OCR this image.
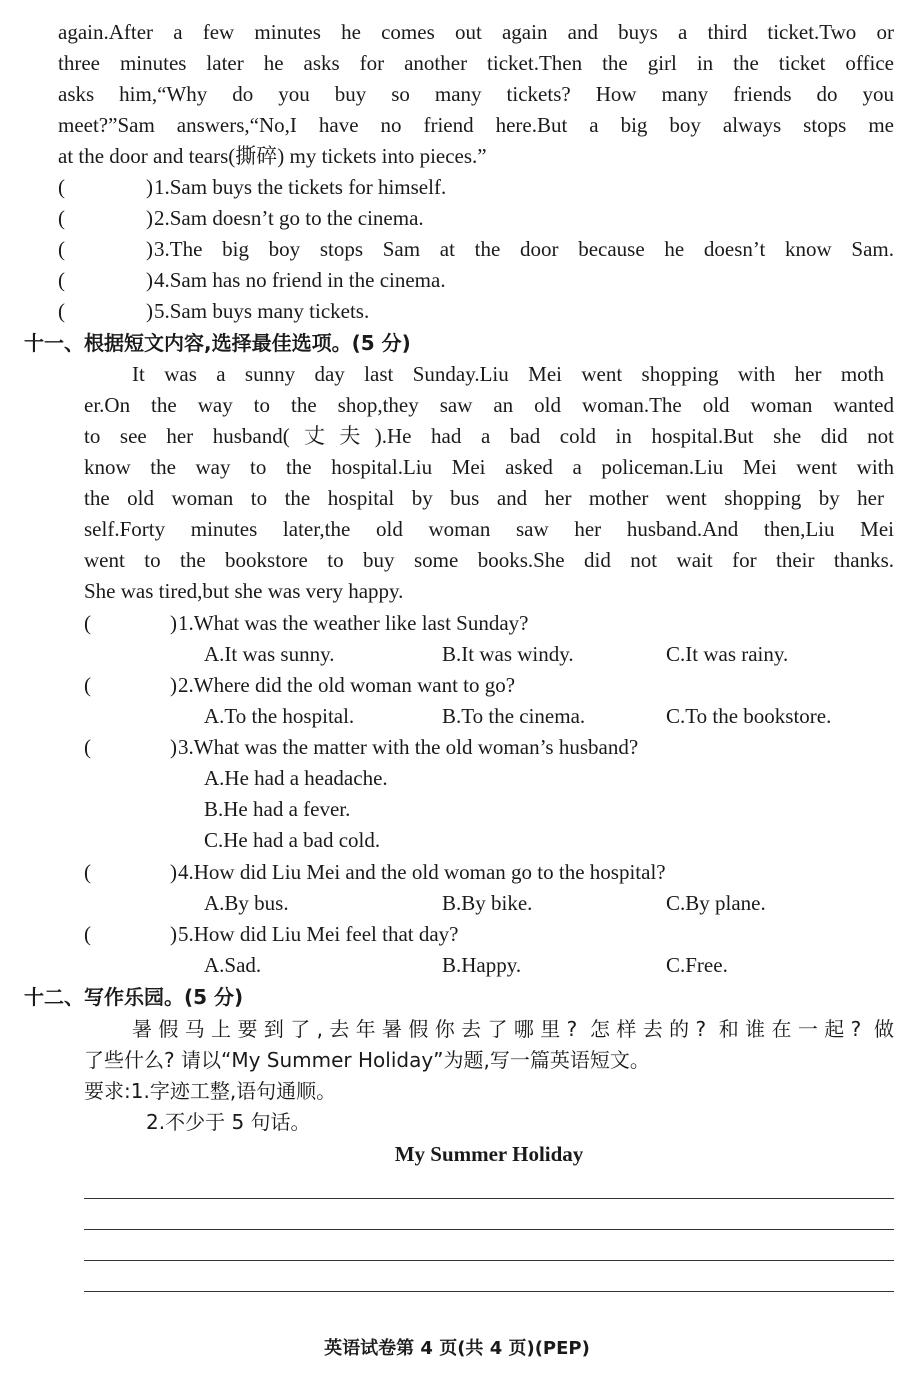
again.After a few minutes he comes out again and buys a third ticket.Two or
three minutes later he asks for another ticket.Then the girl in the ticket office
asks him,“Why do you buy so many tickets? How many friends do you
meet?”Sam answers,“No,I have no friend here.But a big boy always stops me
at the door and tears(撕碎) my tickets into pieces.”
(	) 1.Sam buys the tickets for himself.
(	) 2.Sam doesn’t go to the cinema.
(	) 3.The big boy stops Sam at the door because he doesn’t know Sam.
(	) 4.Sam has no friend in the cinema.
(	) 5.Sam buys many tickets.
十一、根据短文内容,选择最佳选项。(5 分)
It was a sunny day last Sunday.Liu Mei went shopping with her moth
er.On the way to the shop,they saw an old woman.The old woman wanted
to see her husband(丈夫).He had a bad cold in hospital.But she did not
know the way to the hospital.Liu Mei asked a policeman.Liu Mei went with
the old woman to the hospital by bus and her mother went shopping by her
self.Forty minutes later,the old woman saw her husband.And then,Liu Mei
went to the bookstore to buy some books.She did not wait for their thanks.
She was tired,but she was very happy.
(	) 1.What was the weather like last Sunday?
A.It was sunny.	B.It was windy.	C.It was rainy.
(	) 2.Where did the old woman want to go?
A.To the hospital.	B.To the cinema.	C.To the bookstore.
(	) 3.What was the matter with the old woman’s husband?
A.He had a headache.
B.He had a fever.
C.He had a bad cold.
(	) 4.How did Liu Mei and the old woman go to the hospital?
A.By bus.	B.By bike.	C.By plane.
(	) 5.How did Liu Mei feel that day?
A.Sad.	B.Happy.	C.Free.
十二、写作乐园。(5 分)
暑假马上要到了,去年暑假你去了哪里? 怎样去的? 和谁在一起? 做
了些什么? 请以“My Summer Holiday”为题,写一篇英语短文。
要求:1.字迹工整,语句通顺。
2.不少于 5 句话。
My Summer Holiday
英语试卷第 4 页(共 4 页)(PEP)
